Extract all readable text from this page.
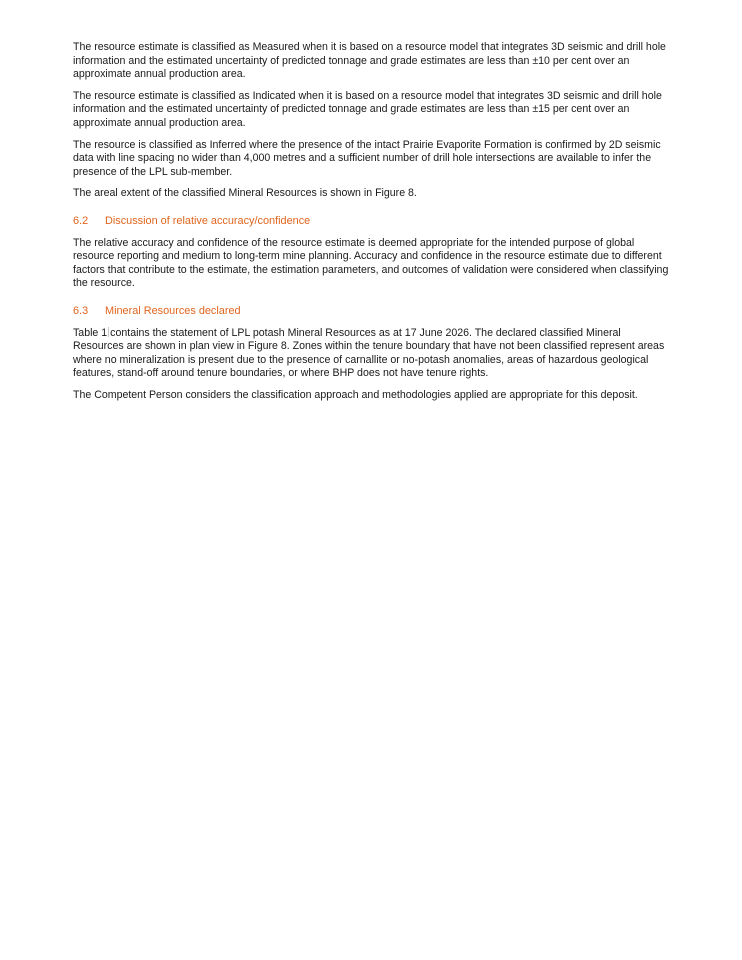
The resource estimate is classified as Measured when it is based on a resource model that integrates 3D seismic and drill hole information and the estimated uncertainty of predicted tonnage and grade estimates are less than ±10 per cent over an approximate annual production area.

The resource estimate is classified as Indicated when it is based on a resource model that integrates 3D seismic and drill hole information and the estimated uncertainty of predicted tonnage and grade estimates are less than ±15 per cent over an approximate annual production area.

The resource is classified as Inferred where the presence of the intact Prairie Evaporite Formation is confirmed by 2D seismic data with line spacing no wider than 4,000 metres and a sufficient number of drill hole intersections are available to infer the presence of the LPL sub-member.

The areal extent of the classified Mineral Resources is shown in Figure 8.

6.2 Discussion of relative accuracy/confidence

The relative accuracy and confidence of the resource estimate is deemed appropriate for the intended purpose of global resource reporting and medium to long-term mine planning. Accuracy and confidence in the resource estimate due to different factors that contribute to the estimate, the estimation parameters, and outcomes of validation were considered when classifying the resource.

6.3 Mineral Resources declared

Table 1 contains the statement of LPL potash Mineral Resources as at 17 June 2026. The declared classified Mineral Resources are shown in plan view in Figure 8. Zones within the tenure boundary that have not been classified represent areas where no mineralization is present due to the presence of carnallite or no-potash anomalies, areas of hazardous geological features, stand-off around tenure boundaries, or where BHP does not have tenure rights.

The Competent Person considers the classification approach and methodologies applied are appropriate for this deposit.
